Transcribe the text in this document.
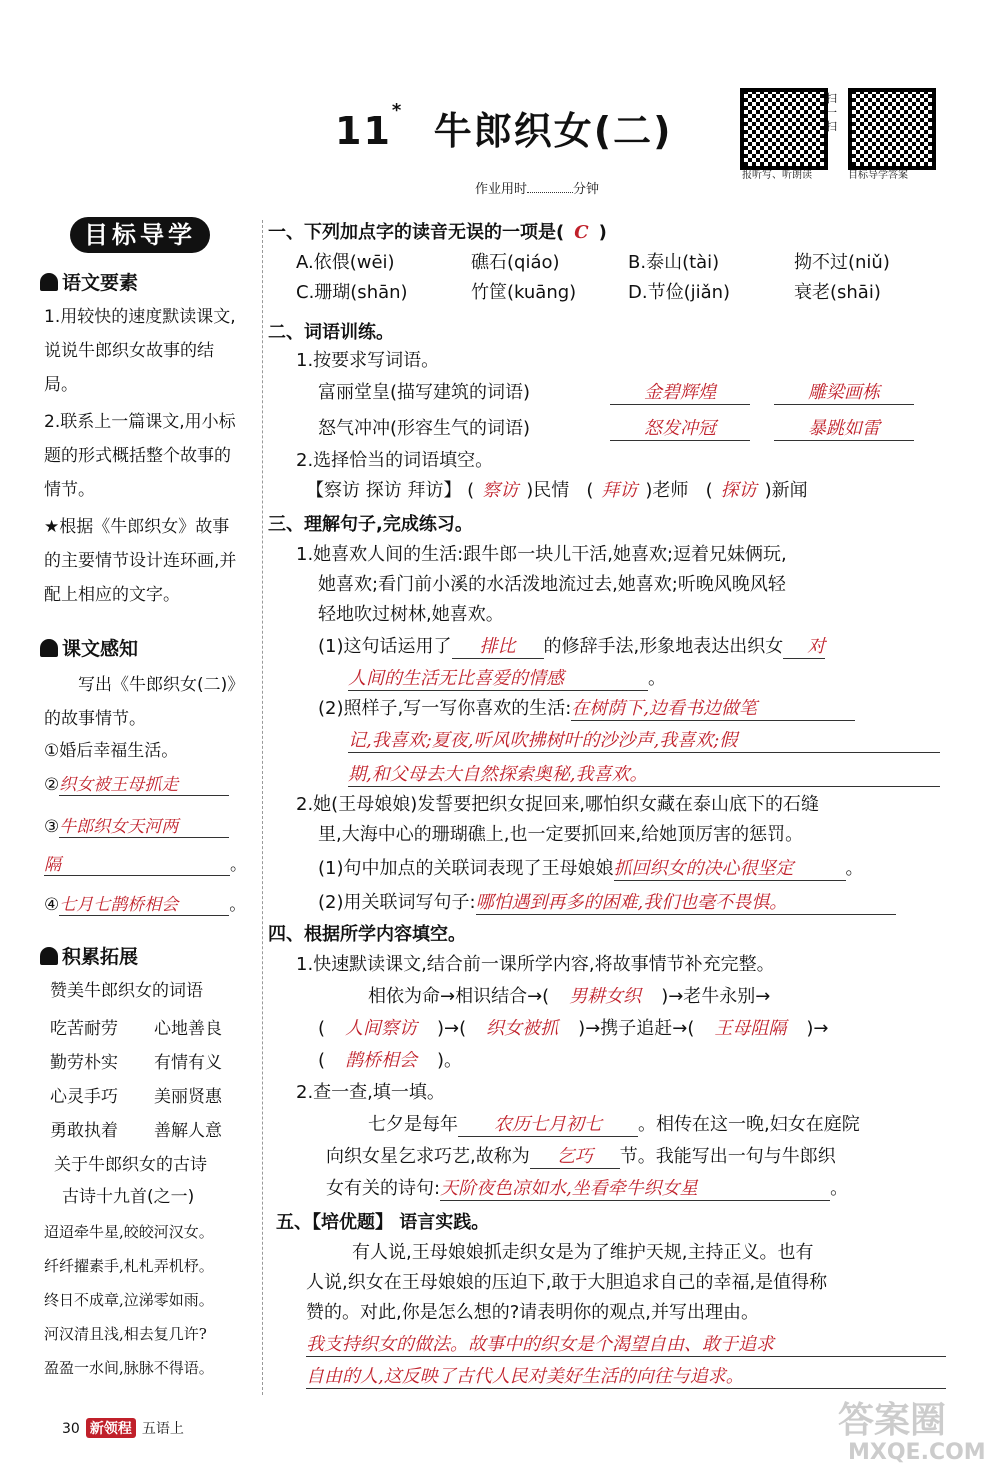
11* 牛郎织女(二)
作业用时	分钟
报听写、听朗读
扫一扫
目标导学答案
目标导学
语文要素
1.用较快的速度默读课文,说说牛郎织女故事的结局。
2.联系上一篇课文,用小标题的形式概括整个故事的情节。
★根据《牛郎织女》故事的主要情节设计连环画,并配上相应的文字。
课文感知
写出《牛郎织女(二)》的故事情节。
①婚后幸福生活。
②织女被王母抓走
③牛郎织女天河两
隔	。
④七月七鹊桥相会	。
积累拓展
赞美牛郎织女的词语
吃苦耐劳 心地善良
勤劳朴实 有情有义
心灵手巧 美丽贤惠
勇敢执着 善解人意
关于牛郎织女的古诗
古诗十九首(之一)
迢迢牵牛星,皎皎河汉女。
纤纤擢素手,札札弄机杼。
终日不成章,泣涕零如雨。
河汉清且浅,相去复几许?
盈盈一水间,脉脉不得语。
一、下列加点字的读音无误的一项是( C )
A.依偎(wēi)	礁石(qiáo)	B.泰山(tài)	拗不过(niǔ)
C.珊瑚(shān)	竹筐(kuāng)	D.节俭(jiǎn)	衰老(shāi)
二、词语训练。
1.按要求写词语。
富丽堂皇(描写建筑的词语)	金碧辉煌	雕梁画栋
怒气冲冲(形容生气的词语)	怒发冲冠	暴跳如雷
2.选择恰当的词语填空。
【察访 探访 拜访】 ( 察访 )民情   ( 拜访 )老师   ( 探访 )新闻
三、理解句子,完成练习。
1.她喜欢人间的生活:跟牛郎一块儿干活,她喜欢;逗着兄妹俩玩,
她喜欢;看门前小溪的水活泼地流过去,她喜欢;听晚风晚风轻
轻地吹过树林,她喜欢。
(1)这句话运用了 排比 的修辞手法,形象地表达出织女 对
人间的生活无比喜爱的情感	。
(2)照样子,写一写你喜欢的生活:在树荫下,边看书边做笔
记,我喜欢;夏夜,听风吹拂树叶的沙沙声,我喜欢;假
期,和父母去大自然探索奥秘,我喜欢。
2.她(王母娘娘)发誓要把织女捉回来,哪怕织女藏在泰山底下的石缝
里,大海中心的珊瑚礁上,也一定要抓回来,给她顶厉害的惩罚。
(1)句中加点的关联词表现了王母娘娘抓回织女的决心很坚定	。
(2)用关联词写句子:哪怕遇到再多的困难,我们也毫不畏惧。
四、根据所学内容填空。
1.快速默读课文,结合前一课所学内容,将故事情节补充完整。
相依为命→相识结合→( 男耕女织 )→老牛永别→
( 人间察访 )→( 织女被抓 )→携子追赶→( 王母阻隔 )→
( 鹊桥相会 )。
2.查一查,填一填。
七夕是每年 农历七月初七 。相传在这一晚,妇女在庭院
向织女星乞求巧艺,故称为 乞巧 节。我能写出一句与牛郎织
女有关的诗句:天阶夜色凉如水,坐看牵牛织女星	。
五、【培优题】 语言实践。
有人说,王母娘娘抓走织女是为了维护天规,主持正义。也有
人说,织女在王母娘娘的压迫下,敢于大胆追求自己的幸福,是值得称
赞的。对此,你是怎么想的?请表明你的观点,并写出理由。
我支持织女的做法。故事中的织女是个渴望自由、敢于追求
自由的人,这反映了古代人民对美好生活的向往与追求。
30 新领程 五语上	答案圈
MXQE.COM
